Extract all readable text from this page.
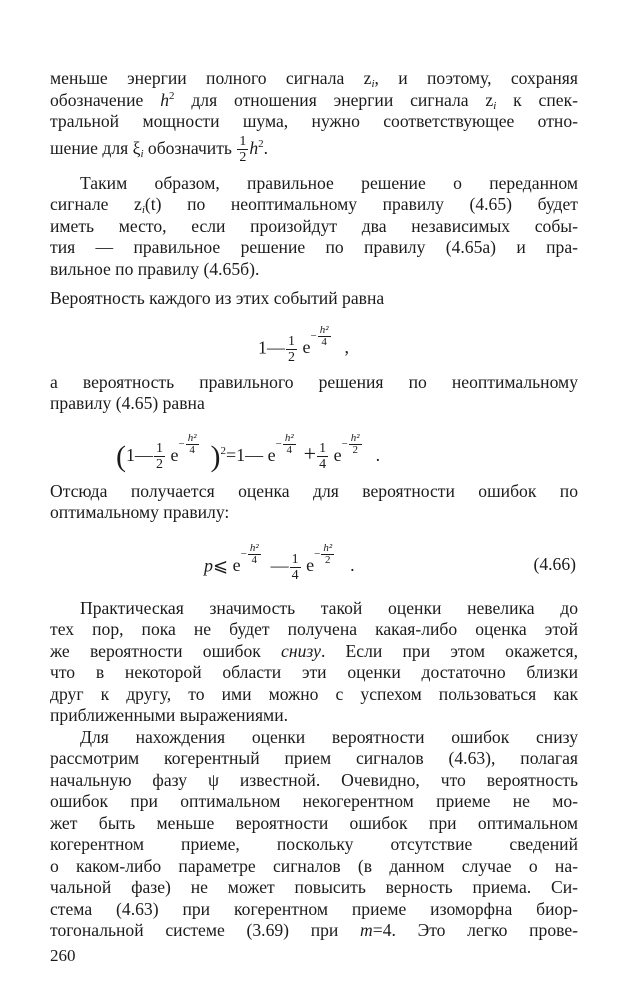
меньше энергии полного сигнала $z_i$, и поэтому, сохраняя
обозначение $h^2$ для отношения энергии сигнала $z_i$ к спек-
тральной мощности шума, нужно соответствующее отно-
шение для $\xi_i$ обозначить $\frac{1}{2} h^2$.
Таким образом, правильное решение о переданном
сигнале $z_i(t)$ по неоптимальному правилу (4.65) будет
иметь место, если произойдут два независимых собы-
тия — правильное решение по правилу (4.65а) и пра-
вильное по правилу (4.65б).
Вероятность каждого из этих событий равна
1— $\frac{1}{2}$ e
− $\frac{\text{h²}}{4}$ ,
а вероятность правильного решения по неоптимальному
правилу (4.65) равна
(1— $\frac{1}{2}$ e
− $\frac{\text{h²}}{4}$ )$^2$=1— e
− $\frac{\text{h²}}{4} + \frac{1}{4}$ e
− $\frac{\text{h²}}{2}$ .
Отсюда получается оценка для вероятности ошибок по
оптимальному правилу:
p⩽ e
− $\frac{\text{h²}}{4}$ — $\frac{1}{4}$ e
− $\frac{\text{h²}}{2}$ .	(4.66)
Практическая значимость такой оценки невелика до
тех пор, пока не будет получена какая-либо оценка этой
же вероятности ошибок снизу. Если при этом окажется,
что в некоторой области эти оценки достаточно близки
друг к другу, то ими можно с успехом пользоваться как
приближенными выражениями.
Для нахождения оценки вероятности ошибок снизу
рассмотрим когерентный прием сигналов (4.63), полагая
начальную фазу ψ известной. Очевидно, что вероятность
ошибок при оптимальном некогерентном приеме не мо-
жет быть меньше вероятности ошибок при оптимальном
когерентном приеме, поскольку отсутствие сведений
о каком-либо параметре сигналов (в данном случае о на-
чальной фазе) не может повысить верность приема. Си-
стема (4.63) при когерентном приеме изоморфна биор-
тогональной системе (3.69) при m=4. Это легко прове-
260
